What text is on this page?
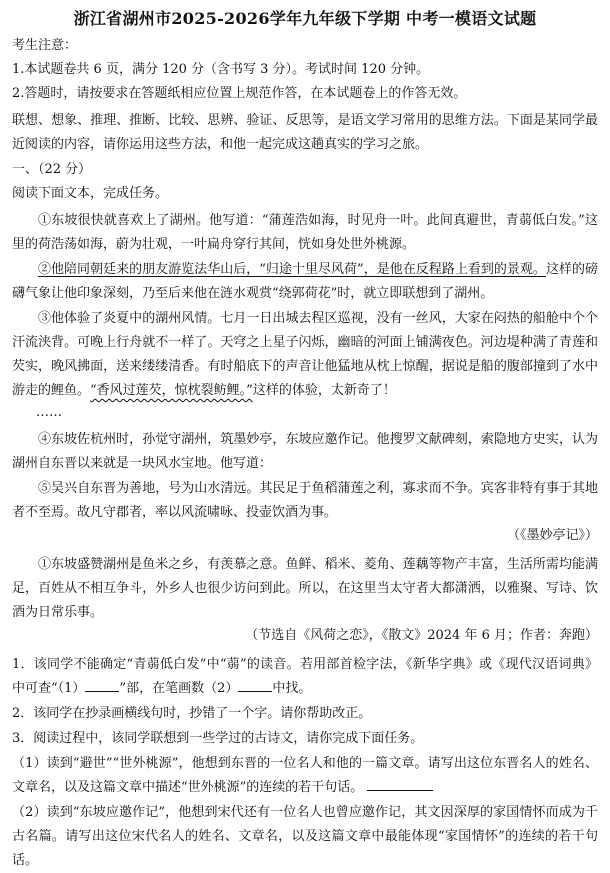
浙江省湖州市2025-2026学年九年级下学期 中考一模语文试题
考生注意：
1.本试题卷共 6 页，满分 120 分（含书写 3 分）。考试时间 120 分钟。
2.答题时，请按要求在答题纸相应位置上规范作答，在本试题卷上的作答无效。
联想、想象、推理、推断、比较、思辨、验证、反思等，是语文学习常用的思维方法。下面是某同学最近阅读的内容，请你运用这些方法，和他一起完成这趟真实的学习之旅。
一、（22 分）
阅读下面文本，完成任务。
①东坡很快就喜欢上了湖州。他写道：“蒲莲浩如海，时见舟一叶。此间真避世，青蒻低白发。”这里的荷浩荡如海，蔚为壮观，一叶扁舟穿行其间，恍如身处世外桃源。
②他陪同朝廷来的朋友游览法华山后，“归途十里尽风荷”，是他在反程路上看到的景观。这样的磅礴气象让他印象深刻，乃至后来他在涟水观赏“绕郭荷花”时，就立即联想到了湖州。
③他体验了炎夏中的湖州风情。七月一日出城去程区巡视，没有一丝风，大家在闷热的船舱中个个汗流浃背。可晚上行舟就不一样了。天穹之上星子闪烁，幽暗的河面上铺满夜色。河边堤种满了青莲和芡实，晚风拂面，送来缕缕清香。有时船底下的声音让他猛地从枕上惊醒，据说是船的腹部撞到了水中游走的鲤鱼。“香风过莲芡，惊枕裂鲂鲤。”这样的体验，太新奇了！
……
④东坡佐杭州时，孙觉守湖州，筑墨妙亭，东坡应邀作记。他搜罗文献碑刻，索隐地方史实，认为湖州自东晋以来就是一块风水宝地。他写道：
⑤吴兴自东晋为善地，号为山水清远。其民足于鱼稻蒲莲之利，寡求而不争。宾客非特有事于其地者不至焉。故凡守郡者，率以风流啸咏、投壶饮酒为事。
（《墨妙亭记》）
①东坡盛赞湖州是鱼米之乡，有羡慕之意。鱼鲜、稻米、菱角、莲藕等物产丰富，生活所需均能满足，百姓从不相互争斗，外乡人也很少访问到此。所以，在这里当太守者大都潇洒，以雅聚、写诗、饮酒为日常乐事。
（节选自《风荷之恋》，《散文》2024 年 6 月；作者：奔跑）
1．该同学不能确定“青蒻低白发”中“蒻”的读音。若用部首检字法，《新华字典》或《现代汉语词典》中可查“（1）	”部，在笔画数（2）	中找。
2．该同学在抄录画横线句时，抄错了一个字。请你帮助改正。
3．阅读过程中，该同学联想到一些学过的古诗文，请你完成下面任务。
（1）读到“避世”“世外桃源”，他想到东晋的一位名人和他的一篇文章。请写出这位东晋名人的姓名、文章名，以及这篇文章中描述“世外桃源”的连续的若干句话。
（2）读到“东坡应邀作记”，他想到宋代还有一位名人也曾应邀作记，其文因深厚的家国情怀而成为千古名篇。请写出这位宋代名人的姓名、文章名，以及这篇文章中最能体现“家国情怀”的连续的若干句话。
